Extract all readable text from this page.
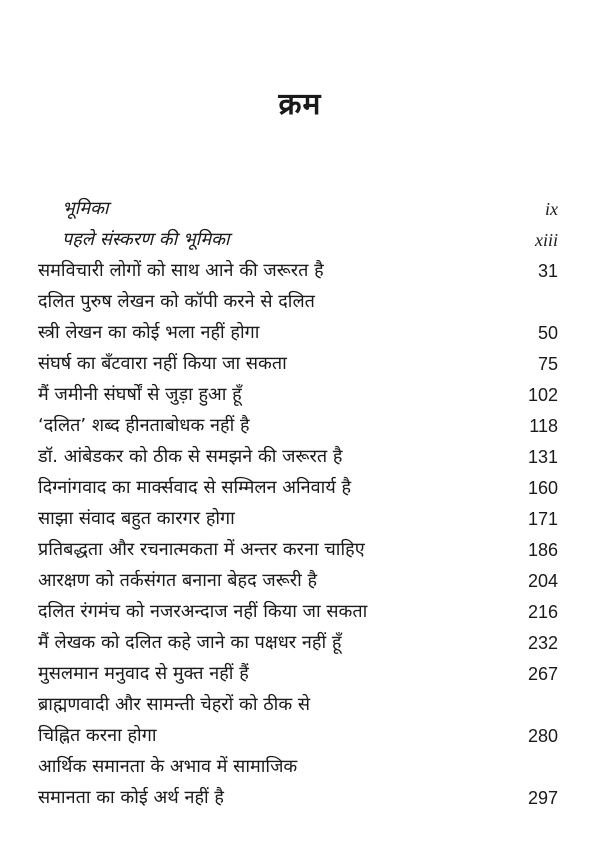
क्रम
भूमिका	ix
पहले संस्करण की भूमिका	xiii
समविचारी लोगों को साथ आने की जरूरत है	31
दलित पुरुष लेखन को कॉपी करने से दलित
स्त्री लेखन का कोई भला नहीं होगा	50
संघर्ष का बँटवारा नहीं किया जा सकता	75
मैं जमीनी संघर्षों से जुड़ा हुआ हूँ	102
‘दलित’ शब्द हीनताबोधक नहीं है	118
डॉ. आंबेडकर को ठीक से समझने की जरूरत है	131
दिग्नांगवाद का मार्क्सवाद से सम्मिलन अनिवार्य है	160
साझा संवाद बहुत कारगर होगा	171
प्रतिबद्धता और रचनात्मकता में अन्तर करना चाहिए	186
आरक्षण को तर्कसंगत बनाना बेहद जरूरी है	204
दलित रंगमंच को नजरअन्दाज नहीं किया जा सकता	216
मैं लेखक को दलित कहे जाने का पक्षधर नहीं हूँ	232
मुसलमान मनुवाद से मुक्त नहीं हैं	267
ब्राह्मणवादी और सामन्ती चेहरों को ठीक से
चिह्नित करना होगा	280
आर्थिक समानता के अभाव में सामाजिक
समानता का कोई अर्थ नहीं है	297
